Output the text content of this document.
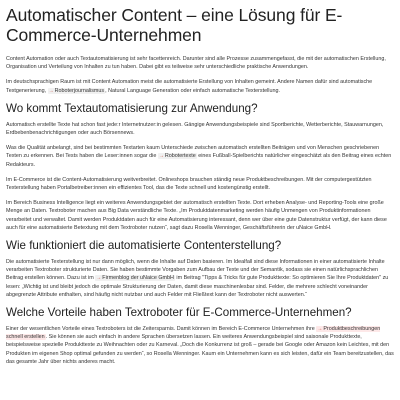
Automatischer Content – eine Lösung für E-Commerce-Unternehmen

Content Automation oder auch Textautomatisierung ist sehr facettenreich. Darunter sind alle Prozesse zusammengefasst, die mit der automatischen Erstellung, Organisation und Verteilung von Inhalten zu tun haben. Dabei gibt es teilweise sehr unterschiedliche praktische Anwendungen.

Im deutschsprachigen Raum ist mit Content Automation meist die automatisierte Erstellung von Inhalten gemeint. Andere Namen dafür sind automatische Textgenerierung, →Roboterjournalismus, Natural Language Generation oder einfach automatische Texterstellung.

Wo kommt Textautomatisierung zur Anwendung?

Automatisch erstellte Texte hat schon fast jede:r Internetnutzer:in gelesen. Gängige Anwendungsbeispiele sind Sportberichte, Wetterberichte, Stauwarnungen, Erdbebenbenachrichtigungen oder auch Börsennews.

Was die Qualität anbelangt, sind bei bestimmten Textarten kaum Unterschiede zwischen automatisch erstellten Beiträgen und von Menschen geschriebenen Texten zu erkennen. Bei Tests haben die Leser:innen sogar die →Robotertexte eines Fußball-Spielberichts natürlicher eingeschätzt als den Beitrag eines echten Redakteurs.

Im E-Commerce ist die Content-Automatisierung weitverbreitet. Onlineshops brauchen ständig neue Produktbeschreibungen. Mit der computergestützten Texterstellung haben Portalbetreiber:innen ein effizientes Tool, das die Texte schnell und kostengünstig erstellt.

Im Bereich Business Intelligence liegt ein weiteres Anwendungsgebiet der automatisch erstellten Texte. Dort erheben Analyse- und Reporting-Tools eine große Menge an Daten. Textroboter machen aus Big Data verständliche Texte. „Im Produktdatenmarketing werden häufig Unmengen von Produktinformationen verarbeitet und verwaltet. Damit werden Produktdaten auch für eine Automatisierung interessant, denn wer über eine gute Datenstruktur verfügt, der kann diese auch für eine automatisierte Betextung mit dem Textroboter nutzen“, sagt dazu Rosella Wenninger, Geschäftsführerin der uNaice GmbH.

Wie funktioniert die automatisierte Contenterstellung?

Die automatisierte Texterstellung ist nur dann möglich, wenn die Inhalte auf Daten basieren. Im Idealfall sind diese Informationen in einer automatisierte Inhalte verarbeiten Textroboter strukturierte Daten. Sie haben bestimmte Vorgaben zum Aufbau der Texte und der Semantik, sodass sie einen natürlichsprachlichen Beitrag erstellen können. Dazu ist im →Firmenblog der uNaice GmbH im Beitrag "Tipps & Tricks für gute Produkttexte: So optimieren Sie Ihre Produktdaten" zu lesen: „Wichtig ist und bleibt jedoch die optimale Strukturierung der Daten, damit diese maschinenlesbar sind. Felder, die mehrere schlecht voneinander abgegrenzte Attribute enthalten, sind häufig nicht nutzbar und auch Felder mit Fließtext kann der Textroboter nicht auswerten.“

Welche Vorteile haben Textroboter für E-Commerce-Unternehmen?

Einer der wesentlichen Vorteile eines Textroboters ist die Zeitersparnis. Damit können im Bereich E-Commerce Unternehmen ihre →Produktbeschreibungen schnell erstellen. Sie können sie auch einfach in andere Sprachen übersetzen lassen. Ein weiteres Anwendungsbeispiel sind saisonale Produkttexte, beispielsweise spezielle Produkttexte zu Weihnachten oder zu Karneval. „Doch die Konkurrenz ist groß – gerade bei Google oder Amazon kein Leichtes, mit den Produkten im eigenen Shop optimal gefunden zu werden“, so Rosella Wenninger. Kaum ein Unternehmen kann es sich leisten, dafür ein Team bereitzustellen, das das gesamte Jahr über nichts anderes macht.
